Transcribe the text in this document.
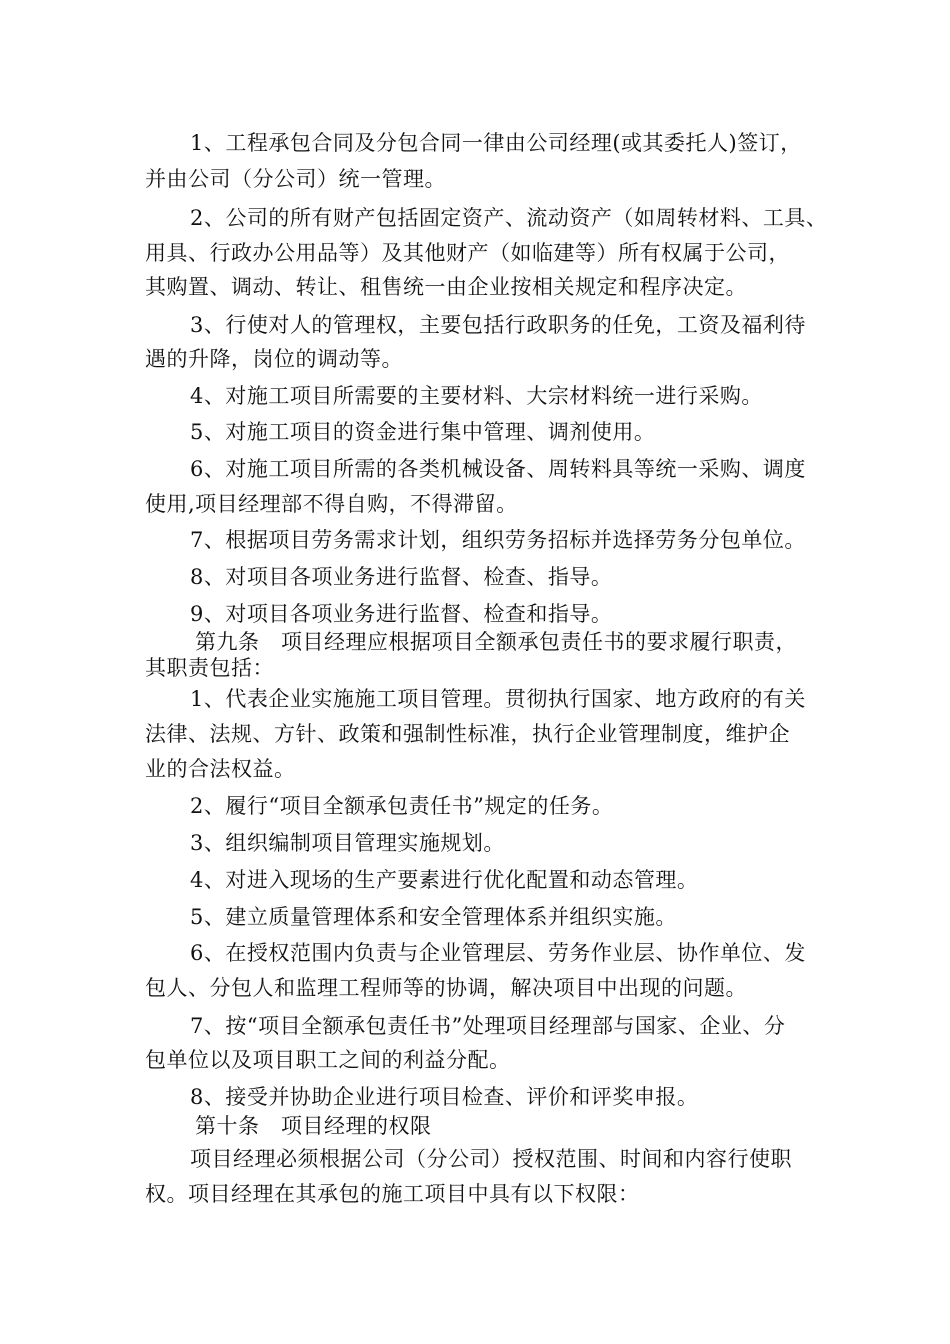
1、工程承包合同及分包合同一律由公司经理(或其委托人)签订，
并由公司（分公司）统一管理。
2、公司的所有财产包括固定资产、流动资产（如周转材料、工具、
用具、行政办公用品等）及其他财产（如临建等）所有权属于公司，
其购置、调动、转让、租售统一由企业按相关规定和程序决定。
3、行使对人的管理权，主要包括行政职务的任免，工资及福利待
遇的升降，岗位的调动等。
4、对施工项目所需要的主要材料、大宗材料统一进行采购。
5、对施工项目的资金进行集中管理、调剂使用。
6、对施工项目所需的各类机械设备、周转料具等统一采购、调度
使用,项目经理部不得自购，不得滞留。
7、根据项目劳务需求计划，组织劳务招标并选择劳务分包单位。
8、对项目各项业务进行监督、检查、指导。
9、对项目各项业务进行监督、检查和指导。
第九条　项目经理应根据项目全额承包责任书的要求履行职责，
其职责包括：
1、代表企业实施施工项目管理。贯彻执行国家、地方政府的有关
法律、法规、方针、政策和强制性标准，执行企业管理制度，维护企
业的合法权益。
2、履行“项目全额承包责任书”规定的任务。
3、组织编制项目管理实施规划。
4、对进入现场的生产要素进行优化配置和动态管理。
5、建立质量管理体系和安全管理体系并组织实施。
6、在授权范围内负责与企业管理层、劳务作业层、协作单位、发
包人、分包人和监理工程师等的协调，解决项目中出现的问题。
7、按“项目全额承包责任书”处理项目经理部与国家、企业、分
包单位以及项目职工之间的利益分配。
8、接受并协助企业进行项目检查、评价和评奖申报。
第十条　项目经理的权限
项目经理必须根据公司（分公司）授权范围、时间和内容行使职
权。项目经理在其承包的施工项目中具有以下权限：
